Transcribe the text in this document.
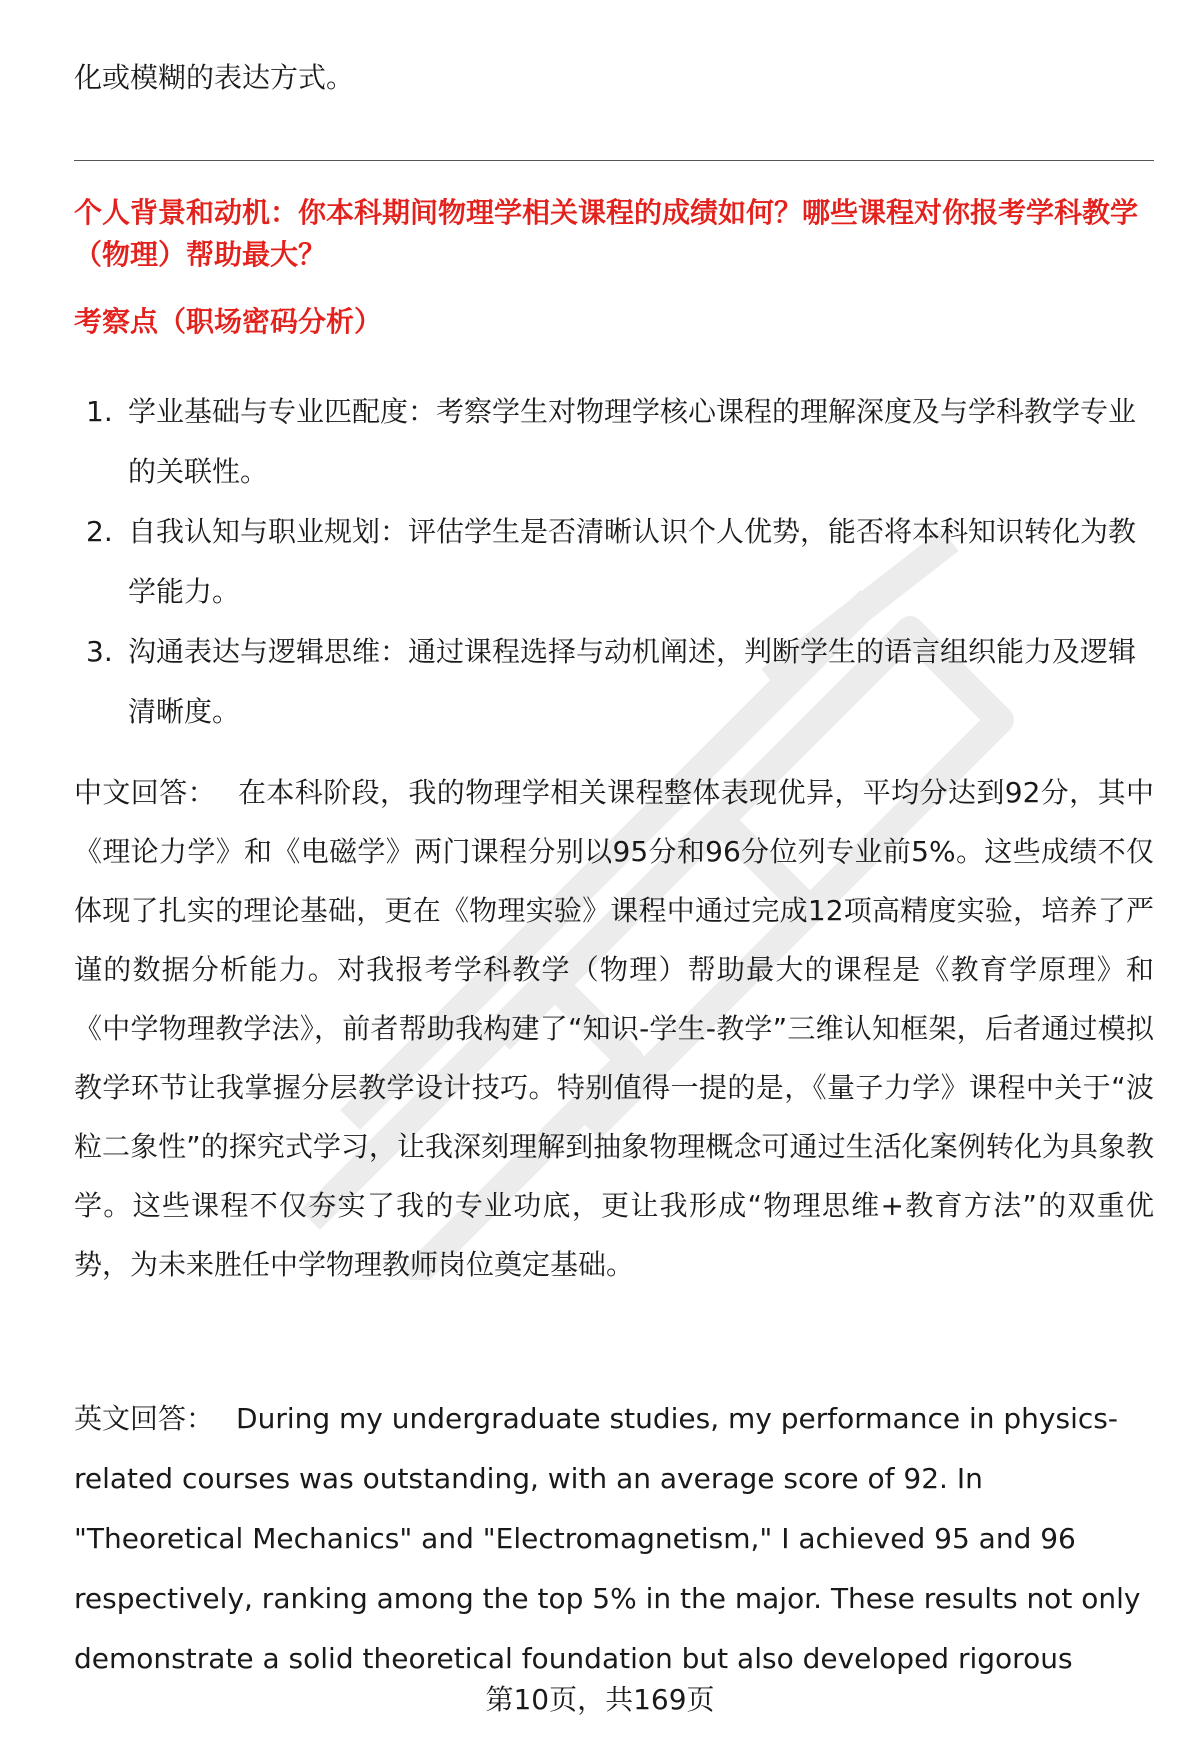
化或模糊的表达方式。

个人背景和动机：你本科期间物理学相关课程的成绩如何？哪些课程对你报考学科教学（物理）帮助最大？

考察点（职场密码分析）

1. 学业基础与专业匹配度：考察学生对物理学核心课程的理解深度及与学科教学专业的关联性。
2. 自我认知与职业规划：评估学生是否清晰认识个人优势，能否将本科知识转化为教学能力。
3. 沟通表达与逻辑思维：通过课程选择与动机阐述，判断学生的语言组织能力及逻辑清晰度。

中文回答： 在本科阶段，我的物理学相关课程整体表现优异，平均分达到92分，其中《理论力学》和《电磁学》两门课程分别以95分和96分位列专业前5%。这些成绩不仅体现了扎实的理论基础，更在《物理实验》课程中通过完成12项高精度实验，培养了严谨的数据分析能力。对我报考学科教学（物理）帮助最大的课程是《教育学原理》和《中学物理教学法》，前者帮助我构建了“知识-学生-教学”三维认知框架，后者通过模拟教学环节让我掌握分层教学设计技巧。特别值得一提的是，《量子力学》课程中关于“波粒二象性”的探究式学习，让我深刻理解到抽象物理概念可通过生活化案例转化为具象教学。这些课程不仅夯实了我的专业功底，更让我形成“物理思维+教育方法”的双重优势，为未来胜任中学物理教师岗位奠定基础。

英文回答： During my undergraduate studies, my performance in physics-related courses was outstanding, with an average score of 92. In "Theoretical Mechanics" and "Electromagnetism," I achieved 95 and 96 respectively, ranking among the top 5% in the major. These results not only demonstrate a solid theoretical foundation but also developed rigorous

第10页，共169页
